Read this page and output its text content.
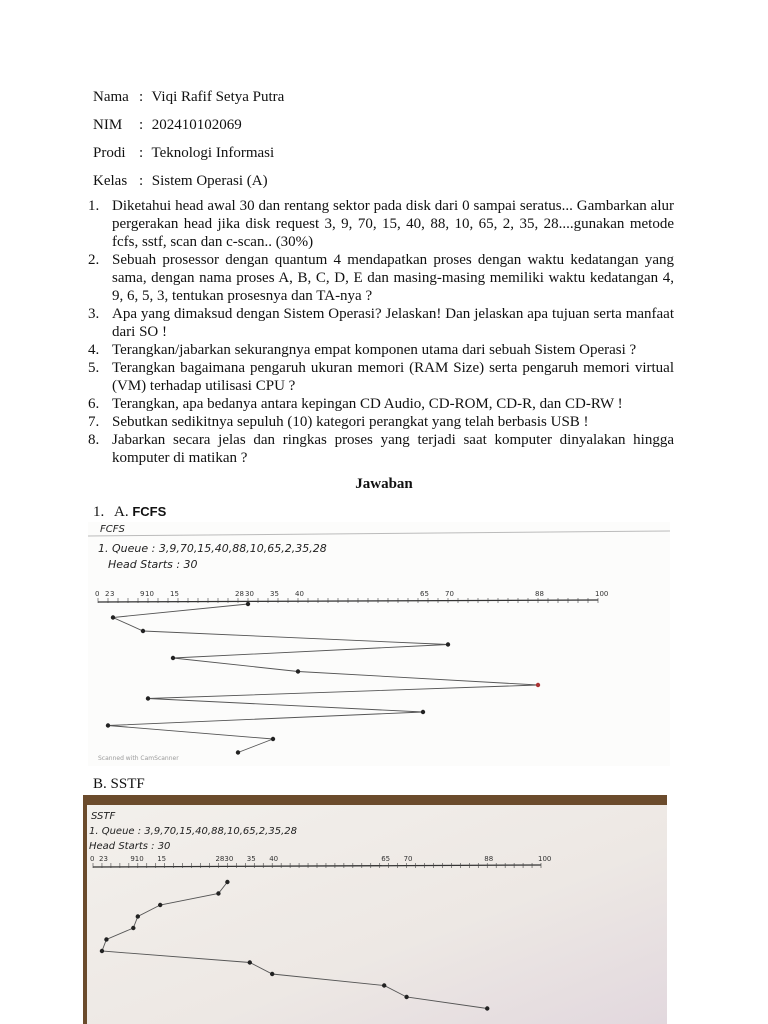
Nama : Viqi Rafif Setya Putra
NIM : 202410102069
Prodi : Teknologi Informasi
Kelas : Sistem Operasi (A)
1. Diketahui head awal 30 dan rentang sektor pada disk dari 0 sampai seratus... Gambarkan alur pergerakan head jika disk request 3, 9, 70, 15, 40, 88, 10, 65, 2, 35, 28....gunakan metode fcfs, sstf, scan dan c-scan.. (30%)
2. Sebuah prosessor dengan quantum 4 mendapatkan proses dengan waktu kedatangan yang sama, dengan nama proses A, B, C, D, E dan masing-masing memiliki waktu kedatangan 4, 9, 6, 5, 3, tentukan prosesnya dan TA-nya ?
3. Apa yang dimaksud dengan Sistem Operasi? Jelaskan! Dan jelaskan apa tujuan serta manfaat dari SO !
4. Terangkan/jabarkan sekurangnya empat komponen utama dari sebuah Sistem Operasi ?
5. Terangkan bagaimana pengaruh ukuran memori (RAM Size) serta pengaruh memori virtual (VM) terhadap utilisasi CPU ?
6. Terangkan, apa bedanya antara kepingan CD Audio, CD-ROM, CD-R, dan CD-RW !
7. Sebutkan sedikitnya sepuluh (10) kategori perangkat yang telah berbasis USB !
8. Jabarkan secara jelas dan ringkas proses yang terjadi saat komputer dinyalakan hingga komputer di matikan ?
Jawaban
1. A. FCFS
FCFS
1. Queue : 3,9,70,15,40,88,10,65,2,35,28
Head Starts : 30
0 2 3	9 10 15	28 30 35 40	65 70	88	100
Scanned with CamScanner
B. SSTF
SSTF
1. Queue : 3,9,70,15,40,88,10,65,2,35,28
Head Starts : 30
0 2 3	9 10 15	28 30 35 40	65 70	88	100
